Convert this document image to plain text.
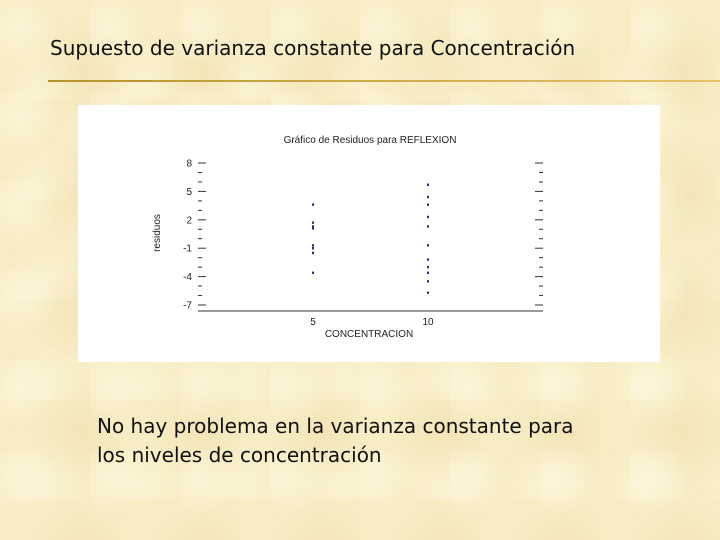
Supuesto de varianza constante para Concentración
Gráfico de Residuos para REFLEXION
residuos
CONCENTRACION
8
5
2
-1
-4
-7
5	10
No hay problema en la varianza constante para
los niveles de concentración
